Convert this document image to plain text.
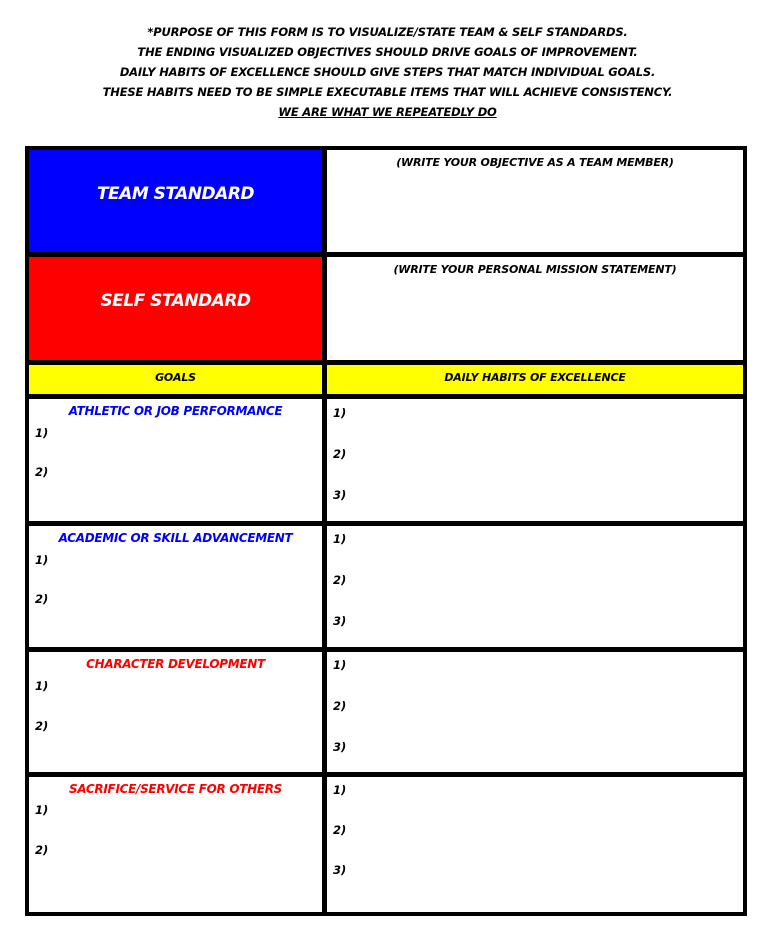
*PURPOSE OF THIS FORM IS TO VISUALIZE/STATE TEAM & SELF STANDARDS.
THE ENDING VISUALIZED OBJECTIVES SHOULD DRIVE GOALS OF IMPROVEMENT.
DAILY HABITS OF EXCELLENCE SHOULD GIVE STEPS THAT MATCH INDIVIDUAL GOALS.
THESE HABITS NEED TO BE SIMPLE EXECUTABLE ITEMS THAT WILL ACHIEVE CONSISTENCY.
WE ARE WHAT WE REPEATEDLY DO
TEAM STANDARD
(WRITE YOUR OBJECTIVE AS A TEAM MEMBER)
SELF STANDARD
(WRITE YOUR PERSONAL MISSION STATEMENT)
GOALS	DAILY HABITS OF EXCELLENCE
ATHLETIC OR JOB PERFORMANCE
1)
2)
1)
2)
3)
ACADEMIC OR SKILL ADVANCEMENT
1)
2)
1)
2)
3)
CHARACTER DEVELOPMENT
1)
2)
1)
2)
3)
SACRIFICE/SERVICE FOR OTHERS
1)
2)
1)
2)
3)
